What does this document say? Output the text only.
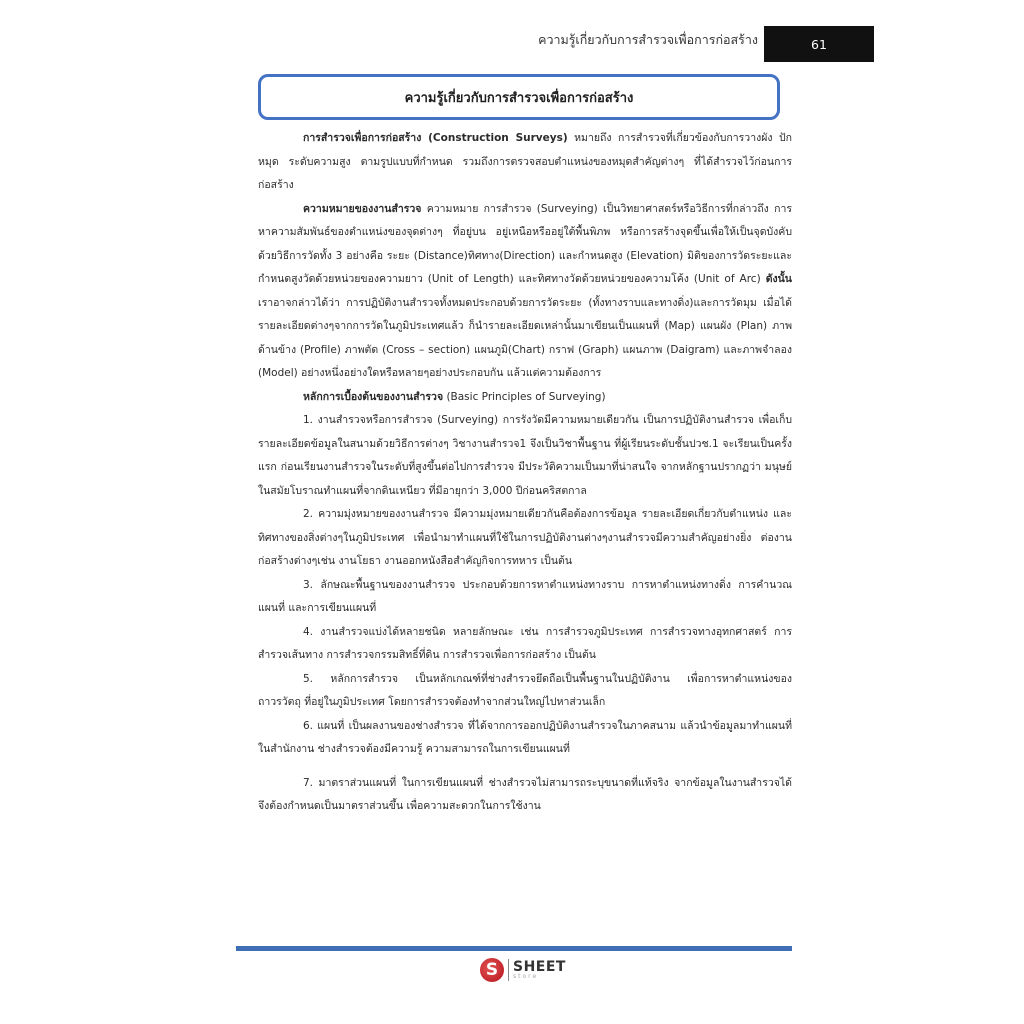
ความรู้เกี่ยวกับการสำรวจเพื่อการก่อสร้าง	61
ความรู้เกี่ยวกับการสำรวจเพื่อการก่อสร้าง

การสำรวจเพื่อการก่อสร้าง (Construction Surveys) หมายถึง การสำรวจที่เกี่ยวข้องกับการวางผัง ปักหมุด ระดับความสูง ตามรูปแบบที่กำหนด รวมถึงการตรวจสอบตำแหน่งของหมุดสำคัญต่างๆ ที่ได้สำรวจไว้ก่อนการก่อสร้าง

ความหมายของงานสำรวจ ความหมาย การสำรวจ (Surveying) เป็นวิทยาศาสตร์หรือวิธีการที่กล่าวถึง การหาความสัมพันธ์ของตำแหน่งของจุดต่างๆ ที่อยู่บน อยู่เหนือหรืออยู่ใต้พื้นพิภพ หรือการสร้างจุดขึ้นเพื่อให้เป็นจุดบังคับ ด้วยวิธีการวัดทั้ง 3 อย่างคือ ระยะ (Distance)ทิศทาง(Direction) และกำหนดสูง (Elevation) มิติของการวัดระยะและกำหนดสูงวัดด้วยหน่วยของความยาว (Unit of Length) และทิศทางวัดด้วยหน่วยของความโค้ง (Unit of Arc) ดังนั้นเราอาจกล่าวได้ว่า การปฏิบัติงานสำรวจทั้งหมดประกอบด้วยการวัดระยะ (ทั้งทางราบและทางดิ่ง)และการวัดมุม เมื่อได้รายละเอียดต่างๆจากการวัดในภูมิประเทศแล้ว ก็นำรายละเอียดเหล่านั้นมาเขียนเป็นแผนที่ (Map) แผนผัง (Plan) ภาพด้านข้าง (Profile) ภาพตัด (Cross – section) แผนภูมิ(Chart) กราฟ (Graph) แผนภาพ (Daigram) และภาพจำลอง (Model) อย่างหนึ่งอย่างใดหรือหลายๆอย่างประกอบกัน แล้วแต่ความต้องการ

หลักการเบื้องต้นของงานสำรวจ (Basic Principles of Surveying)

1. งานสำรวจหรือการสำรวจ (Surveying) การรังวัดมีความหมายเดียวกัน เป็นการปฏิบัติงานสำรวจ เพื่อเก็บรายละเอียดข้อมูลในสนามด้วยวิธีการต่างๆ วิชางานสำรวจ1 จึงเป็นวิชาพื้นฐาน ที่ผู้เรียนระดับชั้นปวช.1 จะเรียนเป็นครั้งแรก ก่อนเรียนงานสำรวจในระดับที่สูงขึ้นต่อไปการสำรวจ มีประวัติความเป็นมาที่น่าสนใจ จากหลักฐานปรากฏว่า มนุษย์ในสมัยโบราณทำแผนที่จากดินเหนียว ที่มีอายุกว่า 3,000 ปีก่อนคริสตกาล

2. ความมุ่งหมายของงานสำรวจ มีความมุ่งหมายเดียวกันคือต้องการข้อมูล รายละเอียดเกี่ยวกับตำแหน่ง และทิศทางของสิ่งต่างๆในภูมิประเทศ เพื่อนำมาทำแผนที่ใช้ในการปฏิบัติงานต่างๆงานสำรวจมีความสำคัญอย่างยิ่ง ต่องานก่อสร้างต่างๆเช่น งานโยธา งานออกหนังสือสำคัญกิจการทหาร เป็นต้น

3. ลักษณะพื้นฐานของงานสำรวจ ประกอบด้วยการหาตำแหน่งทางราบ การหาตำแหน่งทางดิ่ง การคำนวณแผนที่ และการเขียนแผนที่

4. งานสำรวจแบ่งได้หลายชนิด หลายลักษณะ เช่น การสำรวจภูมิประเทศ การสำรวจทางอุทกศาสตร์ การสำรวจเส้นทาง การสำรวจกรรมสิทธิ์ที่ดิน การสำรวจเพื่อการก่อสร้าง เป็นต้น

5. หลักการสำรวจ เป็นหลักเกณฑ์ที่ช่างสำรวจยึดถือเป็นพื้นฐานในปฏิบัติงาน เพื่อการหาตำแหน่งของถาวรวัตถุ ที่อยู่ในภูมิประเทศ โดยการสำรวจต้องทำจากส่วนใหญ่ไปหาส่วนเล็ก

6. แผนที่ เป็นผลงานของช่างสำรวจ ที่ได้จากการออกปฏิบัติงานสำรวจในภาคสนาม แล้วนำข้อมูลมาทำแผนที่ในสำนักงาน ช่างสำรวจต้องมีความรู้ ความสามารถในการเขียนแผนที่

7. มาตราส่วนแผนที่ ในการเขียนแผนที่ ช่างสำรวจไม่สามารถระบุขนาดที่แท้จริง จากข้อมูลในงานสำรวจได้ จึงต้องกำหนดเป็นมาตราส่วนขึ้น เพื่อความสะดวกในการใช้งาน

S	SHEET
store
